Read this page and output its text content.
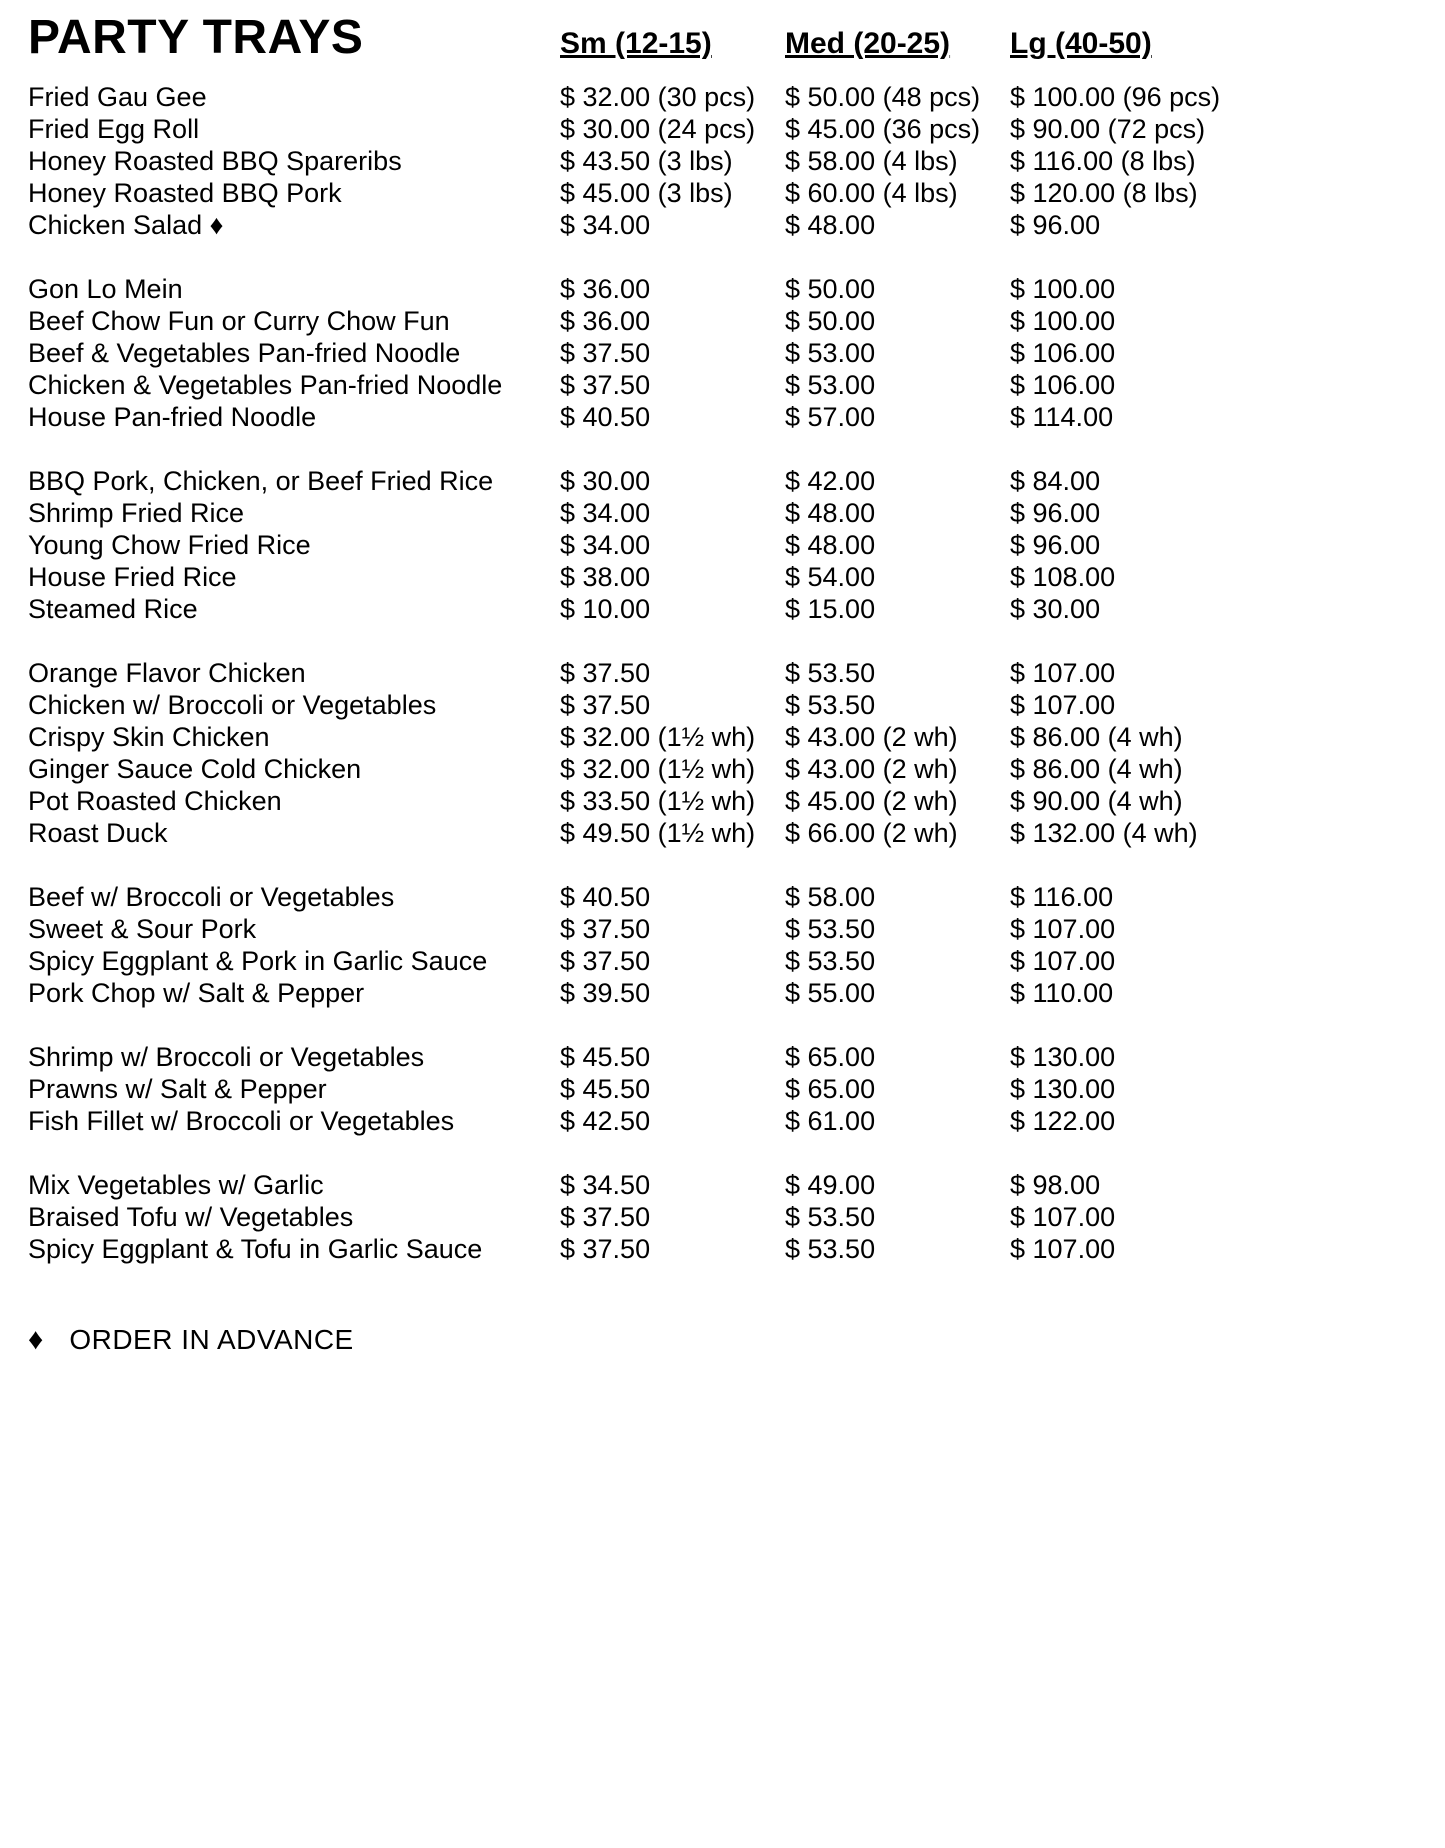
PARTY TRAYS	Sm (12-15)	Med (20-25)	Lg (40-50)
Fried Gau Gee	$ 32.00 (30 pcs)	$ 50.00 (48 pcs)	$ 100.00 (96 pcs)
Fried Egg Roll	$ 30.00 (24 pcs)	$ 45.00 (36 pcs)	$ 90.00 (72 pcs)
Honey Roasted BBQ Spareribs	$ 43.50 (3 lbs)	$ 58.00 (4 lbs)	$ 116.00 (8 lbs)
Honey Roasted BBQ Pork	$ 45.00 (3 lbs)	$ 60.00 (4 lbs)	$ 120.00 (8 lbs)
Chicken Salad ♦	$ 34.00	$ 48.00	$ 96.00
Gon Lo Mein	$ 36.00	$ 50.00	$ 100.00
Beef Chow Fun or Curry Chow Fun	$ 36.00	$ 50.00	$ 100.00
Beef & Vegetables Pan-fried Noodle	$ 37.50	$ 53.00	$ 106.00
Chicken & Vegetables Pan-fried Noodle	$ 37.50	$ 53.00	$ 106.00
House Pan-fried Noodle	$ 40.50	$ 57.00	$ 114.00
BBQ Pork, Chicken, or Beef Fried Rice	$ 30.00	$ 42.00	$ 84.00
Shrimp Fried Rice	$ 34.00	$ 48.00	$ 96.00
Young Chow Fried Rice	$ 34.00	$ 48.00	$ 96.00
House Fried Rice	$ 38.00	$ 54.00	$ 108.00
Steamed Rice	$ 10.00	$ 15.00	$ 30.00
Orange Flavor Chicken	$ 37.50	$ 53.50	$ 107.00
Chicken w/ Broccoli or Vegetables	$ 37.50	$ 53.50	$ 107.00
Crispy Skin Chicken	$ 32.00 (1½ wh)	$ 43.00 (2 wh)	$ 86.00 (4 wh)
Ginger Sauce Cold Chicken	$ 32.00 (1½ wh)	$ 43.00 (2 wh)	$ 86.00 (4 wh)
Pot Roasted Chicken	$ 33.50 (1½ wh)	$ 45.00 (2 wh)	$ 90.00 (4 wh)
Roast Duck	$ 49.50 (1½ wh)	$ 66.00 (2 wh)	$ 132.00 (4 wh)
Beef w/ Broccoli or Vegetables	$ 40.50	$ 58.00	$ 116.00
Sweet & Sour Pork	$ 37.50	$ 53.50	$ 107.00
Spicy Eggplant & Pork in Garlic Sauce	$ 37.50	$ 53.50	$ 107.00
Pork Chop w/ Salt & Pepper	$ 39.50	$ 55.00	$ 110.00
Shrimp w/ Broccoli or Vegetables	$ 45.50	$ 65.00	$ 130.00
Prawns w/ Salt & Pepper	$ 45.50	$ 65.00	$ 130.00
Fish Fillet w/ Broccoli or Vegetables	$ 42.50	$ 61.00	$ 122.00
Mix Vegetables w/ Garlic	$ 34.50	$ 49.00	$ 98.00
Braised Tofu w/ Vegetables	$ 37.50	$ 53.50	$ 107.00
Spicy Eggplant & Tofu in Garlic Sauce	$ 37.50	$ 53.50	$ 107.00
♦ ORDER IN ADVANCE
